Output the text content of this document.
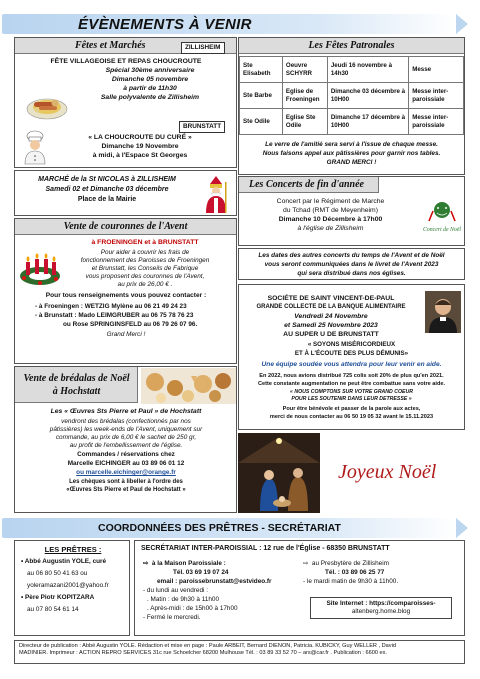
ÉVÈNEMENTS À VENIR
Fêtes et Marchés	ZILLISHEIM
FÊTE VILLAGEOISE ET REPAS CHOUCROUTE
Spécial 30ème anniversaire
Dimanche 05 novembre
à partir de 11h30
Salle polyvalente de Zillisheim
BRUNSTATT
« LA CHOUCROUTE DU CURÉ »
Dimanche 19 Novembre
à midi, à l'Espace St Georges
MARCHÉ de la St NICOLAS à ZILLISHEIM
Samedi 02 et Dimanche 03 décembre
Place de la Mairie
Vente de couronnes de l'Avent
à FROENINGEN et à BRUNSTATT
Pour aider à couvrir les frais de
fonctionnement des Paroisses de Froeningen
et Brunstatt, les Conseils de Fabrique
vous proposent des couronnes de l'Avent,
au prix de 26,00 € .
Pour tous renseignements vous pouvez contacter :
- à Froeningen : WETZIG Mylène au 06 21 49 24 23
- à Brunstatt : Mado LEIMGRUBER au 06 75 78 76 23
ou Rose SPRINGINSFELD au 06 79 26 07 96.
Grand Merci !
Vente de brédalas de Noël
à Hochstatt
Les « Œuvres Sts Pierre et Paul » de Hochstatt
vendront des brédalas (confectionnés par nos
pâtissières) les week-ends de l'Avent, uniquement sur
commande, au prix de 6,00 € le sachet de 250 gr,
au profit de l'embellissement de l'église.
Commandes / réservations chez
Marcelle EICHINGER au 03 89 06 01 12
ou marcelle.eichinger@orange.fr
Les chèques sont à libeller à l'ordre des
«Œuvres Sts Pierre et Paul de Hochstatt »
Les Fêtes Patronales
Ste Elisabeth	Oeuvre SCHYRR	Jeudi 16 novembre à 14h30	Messe
Ste Barbe	Eglise de Froeningen	Dimanche 03 décembre à 10H00	Messe inter-paroissiale
Ste Odile	Eglise Ste Odile	Dimanche 17 décembre à 10H00	Messe inter-paroissiale
Le verre de l'amitié sera servi à l'issue de chaque messe.
Nous faisons appel aux pâtissières pour garnir nos tables.
GRAND MERCI !
Les Concerts de fin d'année
Concert par le Régiment de Marche
du Tchad (RMT de Meyenheim)
Dimanche 10 Décembre à 17h00
à l'église de Zillisheim	Concert de Noël
Les dates des autres concerts du temps de l'Avent et de Noël
vous seront communiquées dans le livret de l'Avent 2023
qui sera distribué dans nos églises.
SOCIÉTE DE SAINT VINCENT-DE-PAUL
GRANDE COLLECTE DE LA BANQUE ALIMENTAIRE
Vendredi 24 Novembre
et Samedi 25 Novembre 2023
AU SUPER U DE BRUNSTATT
« SOYONS MISÉRICORDIEUX
ET À L'ÉCOUTE DES PLUS DÉMUNIS»
Une équipe soudée vous attendra pour leur venir en aide.
En 2022, nous avions distribué 725 colis soit 20% de plus qu'en 2021.
Cette constante augmentation ne peut être combattue sans votre aide.
« NOUS COMPTONS SUR VOTRE GRAND COEUR
POUR LES SOUTENIR DANS LEUR DETRESSE »
Pour être bénévole et passer de la parole aux actes,
merci de nous contacter au 06 50 19 05 32 avant le 15.11.2023
Joyeux Noël
COORDONNÉES DES PRÊTRES - SECRÉTARIAT
LES PRÊTRES :
• Abbé Augustin YOLE, curé
au 06 80 50 41 63 ou
yoleramazani2001@yahoo.fr
• Père Piotr KOPITZARA
au 07 80 54 61 14
SECRÉTARIAT INTER-PAROISSIAL : 12 rue de l'Église - 68350 BRUNSTATT
⇨  à la Maison Paroissiale :
Tél. 03 69 19 07 24
email : paroissebrunstatt@estvideo.fr
- du lundi au vendredi :
. Matin : de 9h30 à 11h00
. Après-midi : de 15h00 à 17h00
- Fermé le mercredi.
⇨  au Presbytère de Zillisheim
Tél. : 03 89 06 25 77
- le mardi matin de 9h30 à 11h00.
Site Internet : https://comparoisses-
altenberg.home.blog
Directeur de publication : Abbé Augustin YOLE. Rédaction et mise en page : Paule ARBEIT, Bernard DIENON, Patricia. KUBICKY, Guy WELLER , David
MADINIER. Imprimeur : ACTION REPRO SERVICES 31c rue Schoelcher 68200 Mulhouse Tél. : 03 89 33 52 70 – ars@car.fr . Publication : 6600 ex.
